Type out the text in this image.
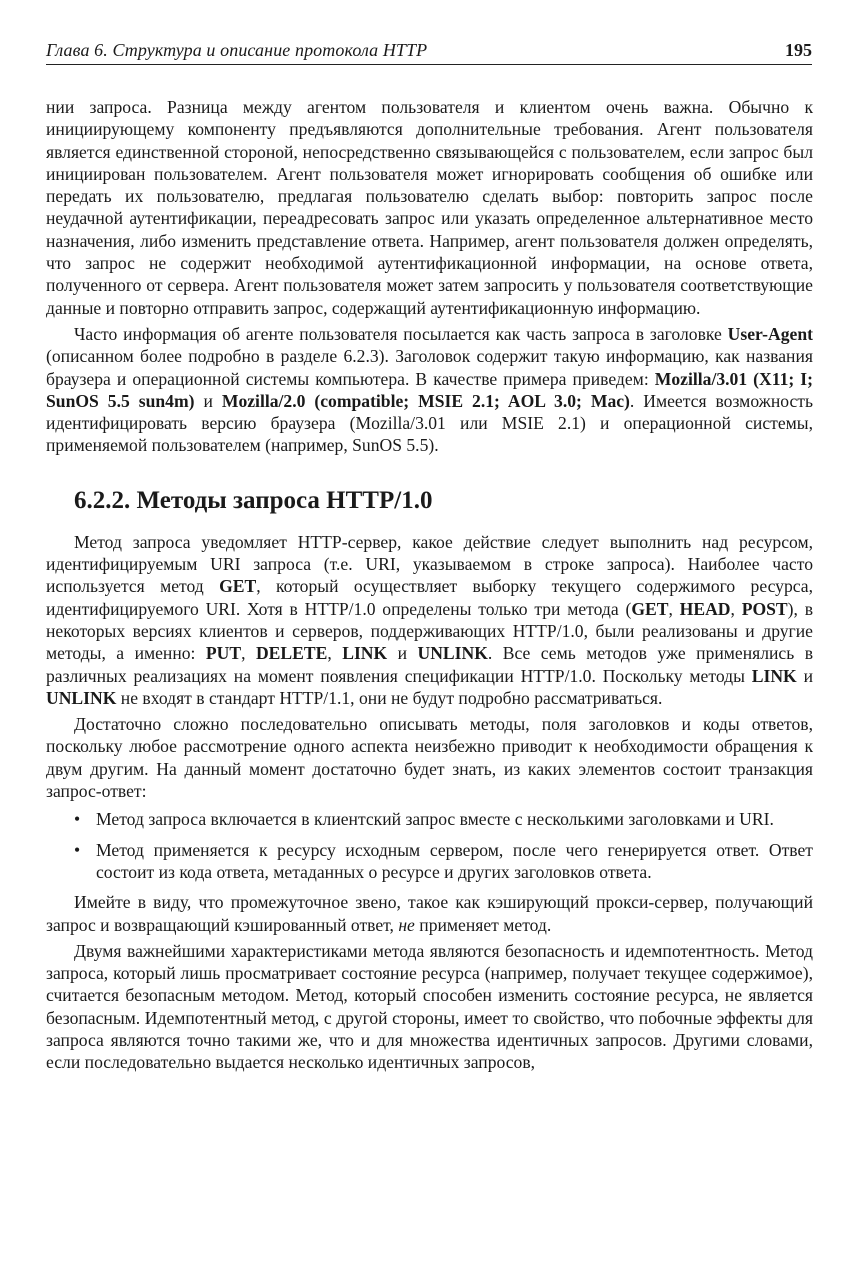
Глава 6. Структура и описание протокола HTTP	195

нии запроса. Разница между агентом пользователя и клиентом очень важна. Обычно к инициирующему компоненту предъявляются дополнительные требования. Агент пользователя является единственной стороной, непосредственно связывающейся с пользователем, если запрос был инициирован пользователем. Агент пользователя может игнорировать сообщения об ошибке или передать их пользователю, предлагая пользователю сделать выбор: повторить запрос после неудачной аутентификации, переадресовать запрос или указать определенное альтернативное место назначения, либо изменить представление ответа. Например, агент пользователя должен определять, что запрос не содержит необходимой аутентификационной информации, на основе ответа, полученного от сервера. Агент пользователя может затем запросить у пользователя соответствующие данные и повторно отправить запрос, содержащий аутентификационную информацию.

Часто информация об агенте пользователя посылается как часть запроса в заголовке User-Agent (описанном более подробно в разделе 6.2.3). Заголовок содержит такую информацию, как названия браузера и операционной системы компьютера. В качестве примера приведем: Mozilla/3.01 (X11; I; SunOS 5.5 sun4m) и Mozilla/2.0 (compatible; MSIE 2.1; AOL 3.0; Mac). Имеется возможность идентифицировать версию браузера (Mozilla/3.01 или MSIE 2.1) и операционной системы, применяемой пользователем (например, SunOS 5.5).

6.2.2. Методы запроса HTTP/1.0

Метод запроса уведомляет HTTP-сервер, какое действие следует выполнить над ресурсом, идентифицируемым URI запроса (т.е. URI, указываемом в строке запроса). Наиболее часто используется метод GET, который осуществляет выборку текущего содержимого ресурса, идентифицируемого URI. Хотя в HTTP/1.0 определены только три метода (GET, HEAD, POST), в некоторых версиях клиентов и серверов, поддерживающих HTTP/1.0, были реализованы и другие методы, а именно: PUT, DELETE, LINK и UNLINK. Все семь методов уже применялись в различных реализациях на момент появления спецификации HTTP/1.0. Поскольку методы LINK и UNLINK не входят в стандарт HTTP/1.1, они не будут подробно рассматриваться.

Достаточно сложно последовательно описывать методы, поля заголовков и коды ответов, поскольку любое рассмотрение одного аспекта неизбежно приводит к необходимости обращения к двум другим. На данный момент достаточно будет знать, из каких элементов состоит транзакция запрос-ответ:

• Метод запроса включается в клиентский запрос вместе с несколькими заголовками и URI.
• Метод применяется к ресурсу исходным сервером, после чего генерируется ответ. Ответ состоит из кода ответа, метаданных о ресурсе и других заголовков ответа.

Имейте в виду, что промежуточное звено, такое как кэширующий прокси-сервер, получающий запрос и возвращающий кэшированный ответ, не применяет метод.

Двумя важнейшими характеристиками метода являются безопасность и идемпотентность. Метод запроса, который лишь просматривает состояние ресурса (например, получает текущее содержимое), считается безопасным методом. Метод, который способен изменить состояние ресурса, не является безопасным. Идемпотентный метод, с другой стороны, имеет то свойство, что побочные эффекты для запроса являются точно такими же, что и для множества идентичных запросов. Другими словами, если последовательно выдается несколько идентичных запросов,
